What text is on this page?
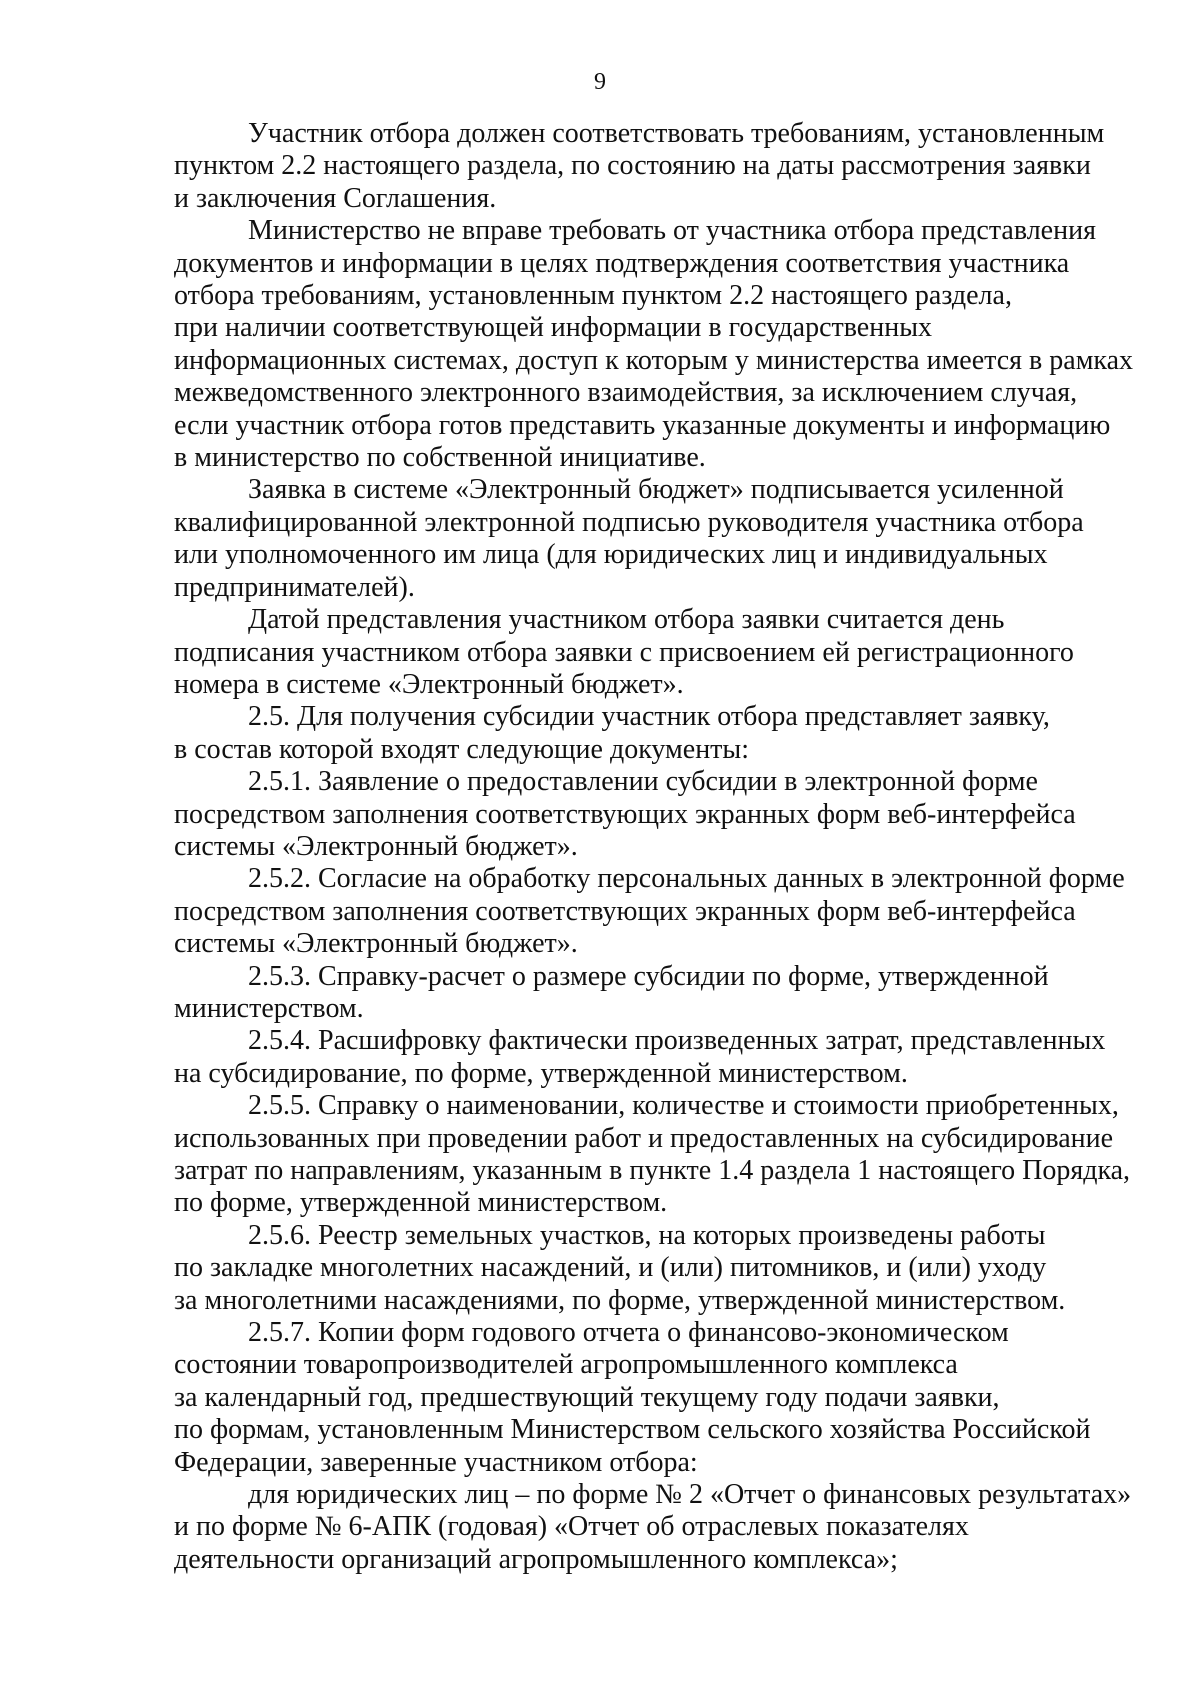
9

Участник отбора должен соответствовать требованиям, установленным
пунктом 2.2 настоящего раздела, по состоянию на даты рассмотрения заявки
и заключения Соглашения.

Министерство не вправе требовать от участника отбора представления
документов и информации в целях подтверждения соответствия участника
отбора требованиям, установленным пунктом 2.2 настоящего раздела,
при наличии соответствующей информации в государственных
информационных системах, доступ к которым у министерства имеется в рамках
межведомственного электронного взаимодействия, за исключением случая,
если участник отбора готов представить указанные документы и информацию
в министерство по собственной инициативе.

Заявка в системе «Электронный бюджет» подписывается усиленной
квалифицированной электронной подписью руководителя участника отбора
или уполномоченного им лица (для юридических лиц и индивидуальных
предпринимателей).

Датой представления участником отбора заявки считается день
подписания участником отбора заявки с присвоением ей регистрационного
номера в системе «Электронный бюджет».

2.5. Для получения субсидии участник отбора представляет заявку,
в состав которой входят следующие документы:

2.5.1. Заявление о предоставлении субсидии в электронной форме
посредством заполнения соответствующих экранных форм веб-интерфейса
системы «Электронный бюджет».

2.5.2. Согласие на обработку персональных данных в электронной форме
посредством заполнения соответствующих экранных форм веб-интерфейса
системы «Электронный бюджет».

2.5.3. Справку-расчет о размере субсидии по форме, утвержденной
министерством.

2.5.4. Расшифровку фактически произведенных затрат, представленных
на субсидирование, по форме, утвержденной министерством.

2.5.5. Справку о наименовании, количестве и стоимости приобретенных,
использованных при проведении работ и предоставленных на субсидирование
затрат по направлениям, указанным в пункте 1.4 раздела 1 настоящего Порядка,
по форме, утвержденной министерством.

2.5.6. Реестр земельных участков, на которых произведены работы
по закладке многолетних насаждений, и (или) питомников, и (или) уходу
за многолетними насаждениями, по форме, утвержденной министерством.

2.5.7. Копии форм годового отчета о финансово-экономическом
состоянии товаропроизводителей агропромышленного комплекса
за календарный год, предшествующий текущему году подачи заявки,
по формам, установленным Министерством сельского хозяйства Российской
Федерации, заверенные участником отбора:

для юридических лиц – по форме № 2 «Отчет о финансовых результатах»
и по форме № 6-АПК (годовая) «Отчет об отраслевых показателях
деятельности организаций агропромышленного комплекса»;
